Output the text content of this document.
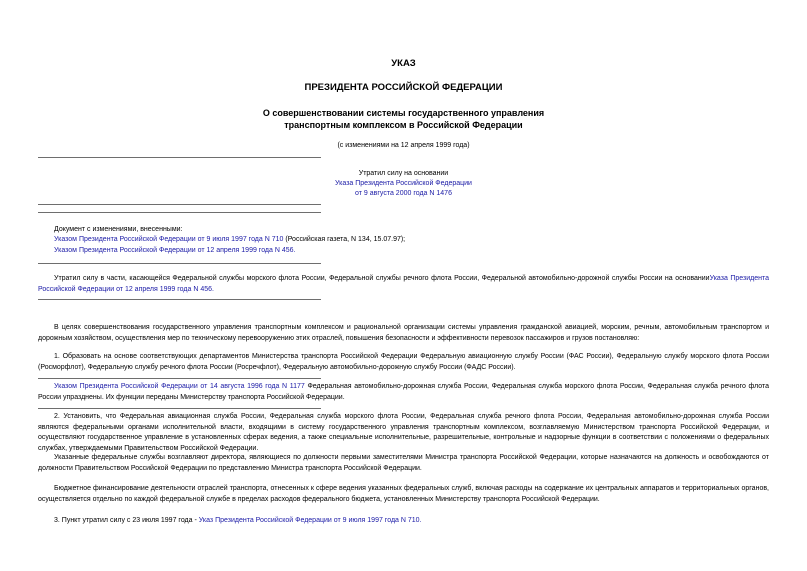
УКАЗ
ПРЕЗИДЕНТА РОССИЙСКОЙ ФЕДЕРАЦИИ
О совершенствовании системы государственного управления
транспортным комплексом в Российской Федерации
(с изменениями на 12 апреля 1999 года)
Утратил силу на основании
Указа Президента Российской Федерации
от 9 августа 2000 года N 1476
Документ с изменениями, внесенными:
Указом Президента Российской Федерации от 9 июля 1997 года N 710 (Российская газета, N 134, 15.07.97);
Указом Президента Российской Федерации от 12 апреля 1999 года N 456.
Утратил силу в части, касающейся Федеральной службы морского флота России, Федеральной службы речного флота России, Федеральной автомобильно-дорожной службы России на основанииУказа Президента Российской Федерации от 12 апреля 1999 года N 456.
В целях совершенствования государственного управления транспортным комплексом и рациональной организации системы управления гражданской авиацией, морским, речным, автомобильным транспортом и дорожным хозяйством, осуществления мер по техническому перевооружению этих отраслей, повышения безопасности и эффективности перевозок пассажиров и грузов постановляю:
1. Образовать на основе соответствующих департаментов Министерства транспорта Российской Федерации Федеральную авиационную службу России (ФАС России), Федеральную службу морского флота России (Росморфлот), Федеральную службу речного флота России (Росречфлот), Федеральную автомобильно-дорожную службу России (ФАДС России).
Указом Президента Российской Федерации от 14 августа 1996 года N 1177 Федеральная автомобильно-дорожная служба России, Федеральная служба морского флота России, Федеральная служба речного флота России упразднены. Их функции переданы Министерству транспорта Российской Федерации.
2. Установить, что Федеральная авиационная служба России, Федеральная служба морского флота России, Федеральная служба речного флота России, Федеральная автомобильно-дорожная служба России являются федеральными органами исполнительной власти, входящими в систему государственного управления транспортным комплексом, возглавляемую Министерством транспорта Российской Федерации, и осуществляют государственное управление в установленных сферах ведения, а также специальные исполнительные, разрешительные, контрольные и надзорные функции в соответствии с положениями о федеральных службах, утверждаемыми Правительством Российской Федерации.
Указанные федеральные службы возглавляют директора, являющиеся по должности первыми заместителями Министра транспорта Российской Федерации, которые назначаются на должность и освобождаются от должности Правительством Российской Федерации по представлению Министра транспорта Российской Федерации.
Бюджетное финансирование деятельности отраслей транспорта, отнесенных к сфере ведения указанных федеральных служб, включая расходы на содержание их центральных аппаратов и территориальных органов, осуществляется отдельно по каждой федеральной службе в пределах расходов федерального бюджета, установленных Министерству транспорта Российской Федерации.
3. Пункт утратил силу с 23 июля 1997 года - Указ Президента Российской Федерации от 9 июля 1997 года N 710.
